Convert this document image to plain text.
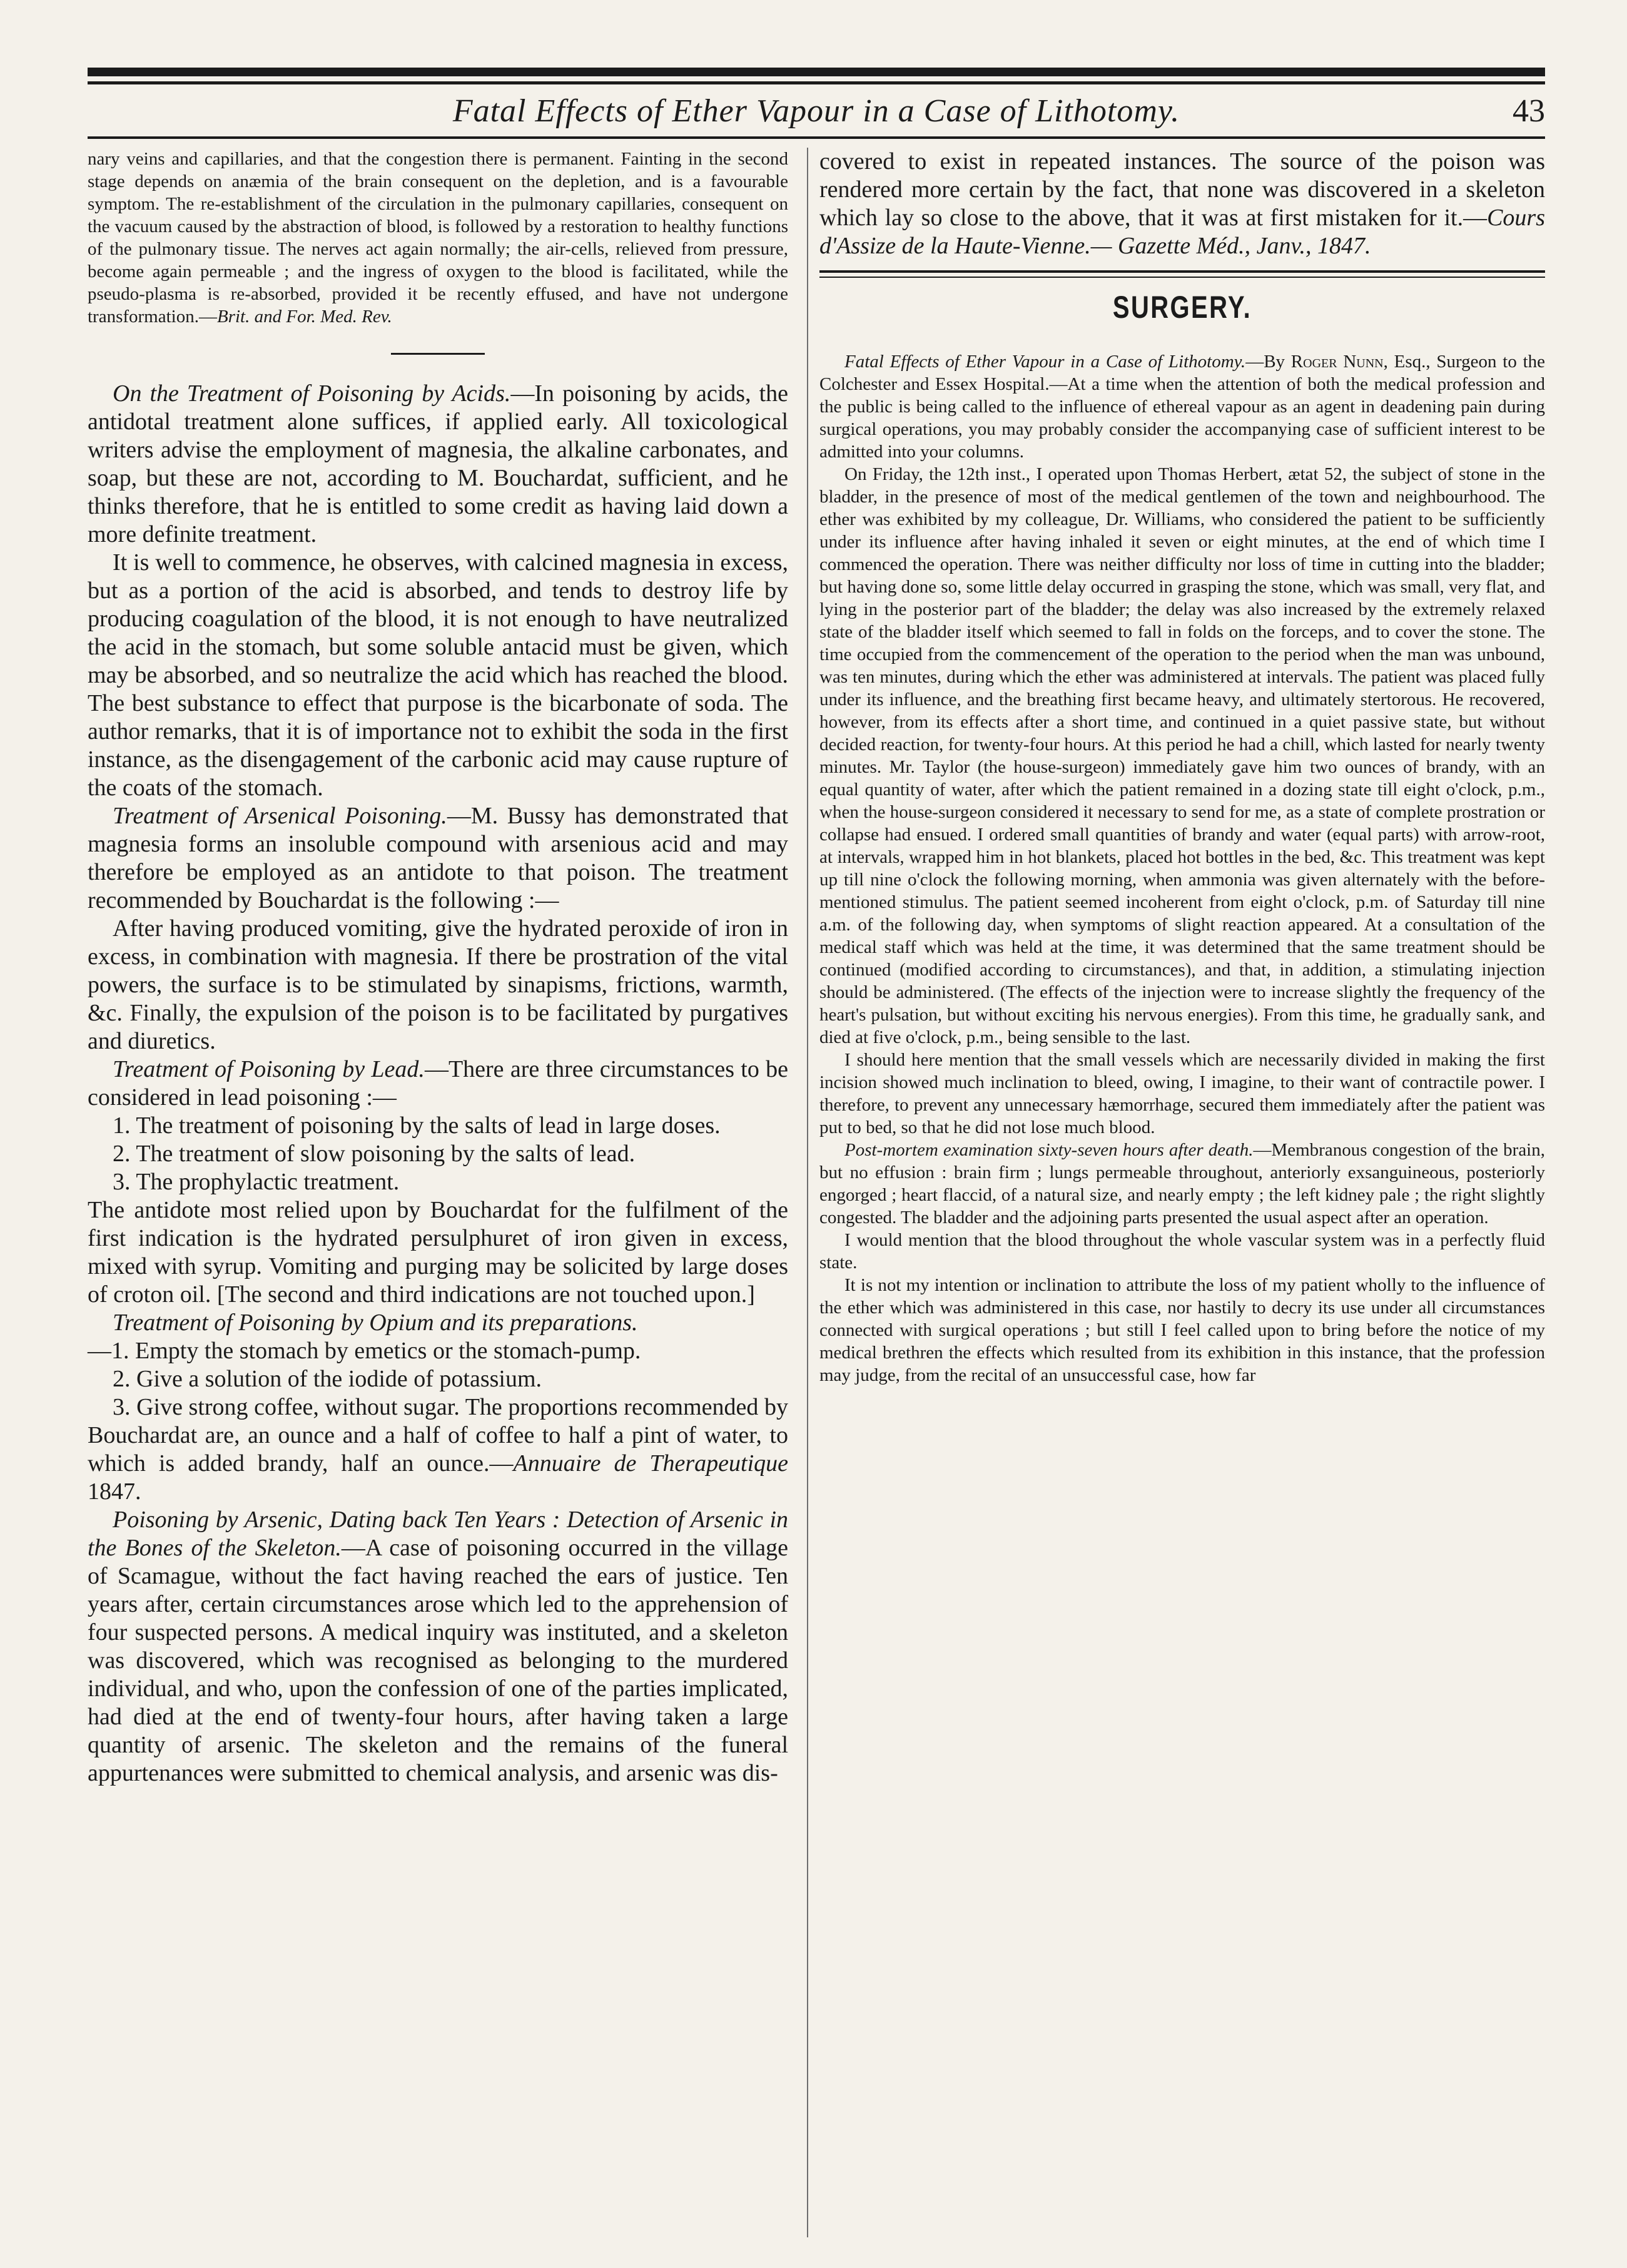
Fatal Effects of Ether Vapour in a Case of Lithotomy.	43

nary veins and capillaries, and that the congestion there is permanent. Fainting in the second stage depends on anæmia of the brain consequent on the depletion, and is a favourable symptom. The re-establishment of the circulation in the pulmonary capillaries, consequent on the vacuum caused by the abstraction of blood, is followed by a restoration to healthy functions of the pulmonary tissue. The nerves act again normally; the air-cells, relieved from pressure, become again permeable ; and the ingress of oxygen to the blood is facilitated, while the pseudo-plasma is re-absorbed, provided it be recently effused, and have not undergone transformation.—Brit. and For. Med. Rev.

On the Treatment of Poisoning by Acids.—In poisoning by acids, the antidotal treatment alone suffices, if applied early. All toxicological writers advise the employment of magnesia, the alkaline carbonates, and soap, but these are not, according to M. Bouchardat, sufficient, and he thinks therefore, that he is entitled to some credit as having laid down a more definite treatment.

It is well to commence, he observes, with calcined magnesia in excess, but as a portion of the acid is absorbed, and tends to destroy life by producing coagulation of the blood, it is not enough to have neutralized the acid in the stomach, but some soluble antacid must be given, which may be absorbed, and so neutralize the acid which has reached the blood. The best substance to effect that purpose is the bicarbonate of soda. The author remarks, that it is of importance not to exhibit the soda in the first instance, as the disengagement of the carbonic acid may cause rupture of the coats of the stomach.

Treatment of Arsenical Poisoning.—M. Bussy has demonstrated that magnesia forms an insoluble compound with arsenious acid and may therefore be employed as an antidote to that poison. The treatment recommended by Bouchardat is the following :—

After having produced vomiting, give the hydrated peroxide of iron in excess, in combination with magnesia. If there be prostration of the vital powers, the surface is to be stimulated by sinapisms, frictions, warmth, &c. Finally, the expulsion of the poison is to be facilitated by purgatives and diuretics.

Treatment of Poisoning by Lead.—There are three circumstances to be considered in lead poisoning :—

1. The treatment of poisoning by the salts of lead in large doses.

2. The treatment of slow poisoning by the salts of lead.

3. The prophylactic treatment.

The antidote most relied upon by Bouchardat for the fulfilment of the first indication is the hydrated persulphuret of iron given in excess, mixed with syrup. Vomiting and purging may be solicited by large doses of croton oil. [The second and third indications are not touched upon.]

Treatment of Poisoning by Opium and its preparations.

—1. Empty the stomach by emetics or the stomach-pump.

2. Give a solution of the iodide of potassium.

3. Give strong coffee, without sugar. The proportions recommended by Bouchardat are, an ounce and a half of coffee to half a pint of water, to which is added brandy, half an ounce.—Annuaire de Therapeutique 1847.

Poisoning by Arsenic, Dating back Ten Years : Detection of Arsenic in the Bones of the Skeleton.—A case of poisoning occurred in the village of Scamague, without the fact having reached the ears of justice. Ten years after, certain circumstances arose which led to the apprehension of four suspected persons. A medical inquiry was instituted, and a skeleton was discovered, which was recognised as belonging to the murdered individual, and who, upon the confession of one of the parties implicated, had died at the end of twenty-four hours, after having taken a large quantity of arsenic. The skeleton and the remains of the funeral appurtenances were submitted to chemical analysis, and arsenic was dis-

covered to exist in repeated instances. The source of the poison was rendered more certain by the fact, that none was discovered in a skeleton which lay so close to the above, that it was at first mistaken for it.—Cours d'Assize de la Haute-Vienne.— Gazette Méd., Janv., 1847.

SURGERY.

Fatal Effects of Ether Vapour in a Case of Lithotomy.—By Roger Nunn, Esq., Surgeon to the Colchester and Essex Hospital.—At a time when the attention of both the medical profession and the public is being called to the influence of ethereal vapour as an agent in deadening pain during surgical operations, you may probably consider the accompanying case of sufficient interest to be admitted into your columns.

On Friday, the 12th inst., I operated upon Thomas Herbert, ætat 52, the subject of stone in the bladder, in the presence of most of the medical gentlemen of the town and neighbourhood. The ether was exhibited by my colleague, Dr. Williams, who considered the patient to be sufficiently under its influence after having inhaled it seven or eight minutes, at the end of which time I commenced the operation. There was neither difficulty nor loss of time in cutting into the bladder; but having done so, some little delay occurred in grasping the stone, which was small, very flat, and lying in the posterior part of the bladder; the delay was also increased by the extremely relaxed state of the bladder itself which seemed to fall in folds on the forceps, and to cover the stone. The time occupied from the commencement of the operation to the period when the man was unbound, was ten minutes, during which the ether was administered at intervals. The patient was placed fully under its influence, and the breathing first became heavy, and ultimately stertorous. He recovered, however, from its effects after a short time, and continued in a quiet passive state, but without decided reaction, for twenty-four hours. At this period he had a chill, which lasted for nearly twenty minutes. Mr. Taylor (the house-surgeon) immediately gave him two ounces of brandy, with an equal quantity of water, after which the patient remained in a dozing state till eight o'clock, p.m., when the house-surgeon considered it necessary to send for me, as a state of complete prostration or collapse had ensued. I ordered small quantities of brandy and water (equal parts) with arrow-root, at intervals, wrapped him in hot blankets, placed hot bottles in the bed, &c. This treatment was kept up till nine o'clock the following morning, when ammonia was given alternately with the before-mentioned stimulus. The patient seemed incoherent from eight o'clock, p.m. of Saturday till nine a.m. of the following day, when symptoms of slight reaction appeared. At a consultation of the medical staff which was held at the time, it was determined that the same treatment should be continued (modified according to circumstances), and that, in addition, a stimulating injection should be administered. (The effects of the injection were to increase slightly the frequency of the heart's pulsation, but without exciting his nervous energies). From this time, he gradually sank, and died at five o'clock, p.m., being sensible to the last.

I should here mention that the small vessels which are necessarily divided in making the first incision showed much inclination to bleed, owing, I imagine, to their want of contractile power. I therefore, to prevent any unnecessary hæmorrhage, secured them immediately after the patient was put to bed, so that he did not lose much blood.

Post-mortem examination sixty-seven hours after death.—Membranous congestion of the brain, but no effusion : brain firm ; lungs permeable throughout, anteriorly exsanguineous, posteriorly engorged ; heart flaccid, of a natural size, and nearly empty ; the left kidney pale ; the right slightly congested. The bladder and the adjoining parts presented the usual aspect after an operation.

I would mention that the blood throughout the whole vascular system was in a perfectly fluid state.

It is not my intention or inclination to attribute the loss of my patient wholly to the influence of the ether which was administered in this case, nor hastily to decry its use under all circumstances connected with surgical operations ; but still I feel called upon to bring before the notice of my medical brethren the effects which resulted from its exhibition in this instance, that the profession may judge, from the recital of an unsuccessful case, how far
